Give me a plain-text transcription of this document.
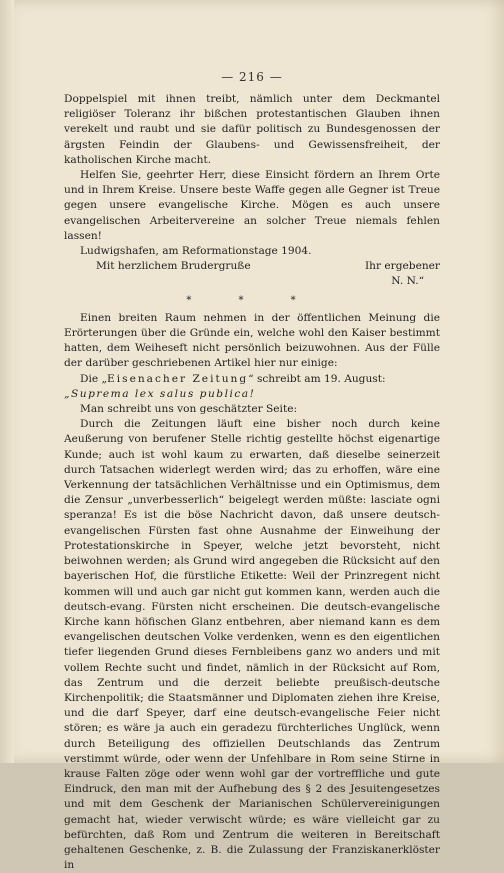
— 216 —

Doppelspiel mit ihnen treibt, nämlich unter dem Deckmantel religiöser Toleranz ihr bißchen protestantischen Glauben ihnen verekelt und raubt und sie dafür politisch zu Bundesgenossen der ärgsten Feindin der Glaubens- und Gewissensfreiheit, der katholischen Kirche macht.

Helfen Sie, geehrter Herr, diese Einsicht fördern an Ihrem Orte und in Ihrem Kreise. Unsere beste Waffe gegen alle Gegner ist Treue gegen unsere evangelische Kirche. Mögen es auch unsere evangelischen Arbeitervereine an solcher Treue niemals fehlen lassen!

Ludwigshafen, am Reformationstage 1904.

Mit herzlichem Brudergruße	Ihr ergebener
N. N.“
* * *

Einen breiten Raum nehmen in der öffentlichen Meinung die Erörterungen über die Gründe ein, welche wohl den Kaiser bestimmt hatten, dem Weiheseft nicht persönlich beizuwohnen. Aus der Fülle der darüber geschriebenen Artikel hier nur einige:

Die „Eisenacher Zeitung“ schreibt am 19. August:

„Suprema lex salus publica!

Man schreibt uns von geschätzter Seite:

Durch die Zeitungen läuft eine bisher noch durch keine Aeußerung von berufener Stelle richtig gestellte höchst eigenartige Kunde; auch ist wohl kaum zu erwarten, daß dieselbe seinerzeit durch Tatsachen widerlegt werden wird; das zu erhoffen, wäre eine Verkennung der tatsächlichen Verhältnisse und ein Optimismus, dem die Zensur „unverbesserlich“ beigelegt werden müßte: lasciate ogni speranza! Es ist die böse Nachricht davon, daß unsere deutsch-evangelischen Fürsten fast ohne Ausnahme der Einweihung der Protestationskirche in Speyer, welche jetzt bevorsteht, nicht beiwohnen werden; als Grund wird angegeben die Rücksicht auf den bayerischen Hof, die fürstliche Etikette: Weil der Prinzregent nicht kommen will und auch gar nicht gut kommen kann, werden auch die deutsch-evang. Fürsten nicht erscheinen. Die deutsch-evangelische Kirche kann höfischen Glanz entbehren, aber niemand kann es dem evangelischen deutschen Volke verdenken, wenn es den eigentlichen tiefer liegenden Grund dieses Fernbleibens ganz wo anders und mit vollem Rechte sucht und findet, nämlich in der Rücksicht auf Rom, das Zentrum und die derzeit beliebte preußisch-deutsche Kirchenpolitik; die Staatsmänner und Diplomaten ziehen ihre Kreise, und die darf Speyer, darf eine deutsch-evangelische Feier nicht stören; es wäre ja auch ein geradezu fürchterliches Unglück, wenn durch Beteiligung des offiziellen Deutschlands das Zentrum verstimmt würde, oder wenn der Unfehlbare in Rom seine Stirne in krause Falten zöge oder wenn wohl gar der vortreffliche und gute Eindruck, den man mit der Aufhebung des § 2 des Jesuitengesetzes und mit dem Geschenk der Marianischen Schülervereinigungen gemacht hat, wieder verwischt würde; es wäre vielleicht gar zu befürchten, daß Rom und Zentrum die weiteren in Bereitschaft gehaltenen Geschenke, z. B. die Zulassung der Franziskanerklöster in
